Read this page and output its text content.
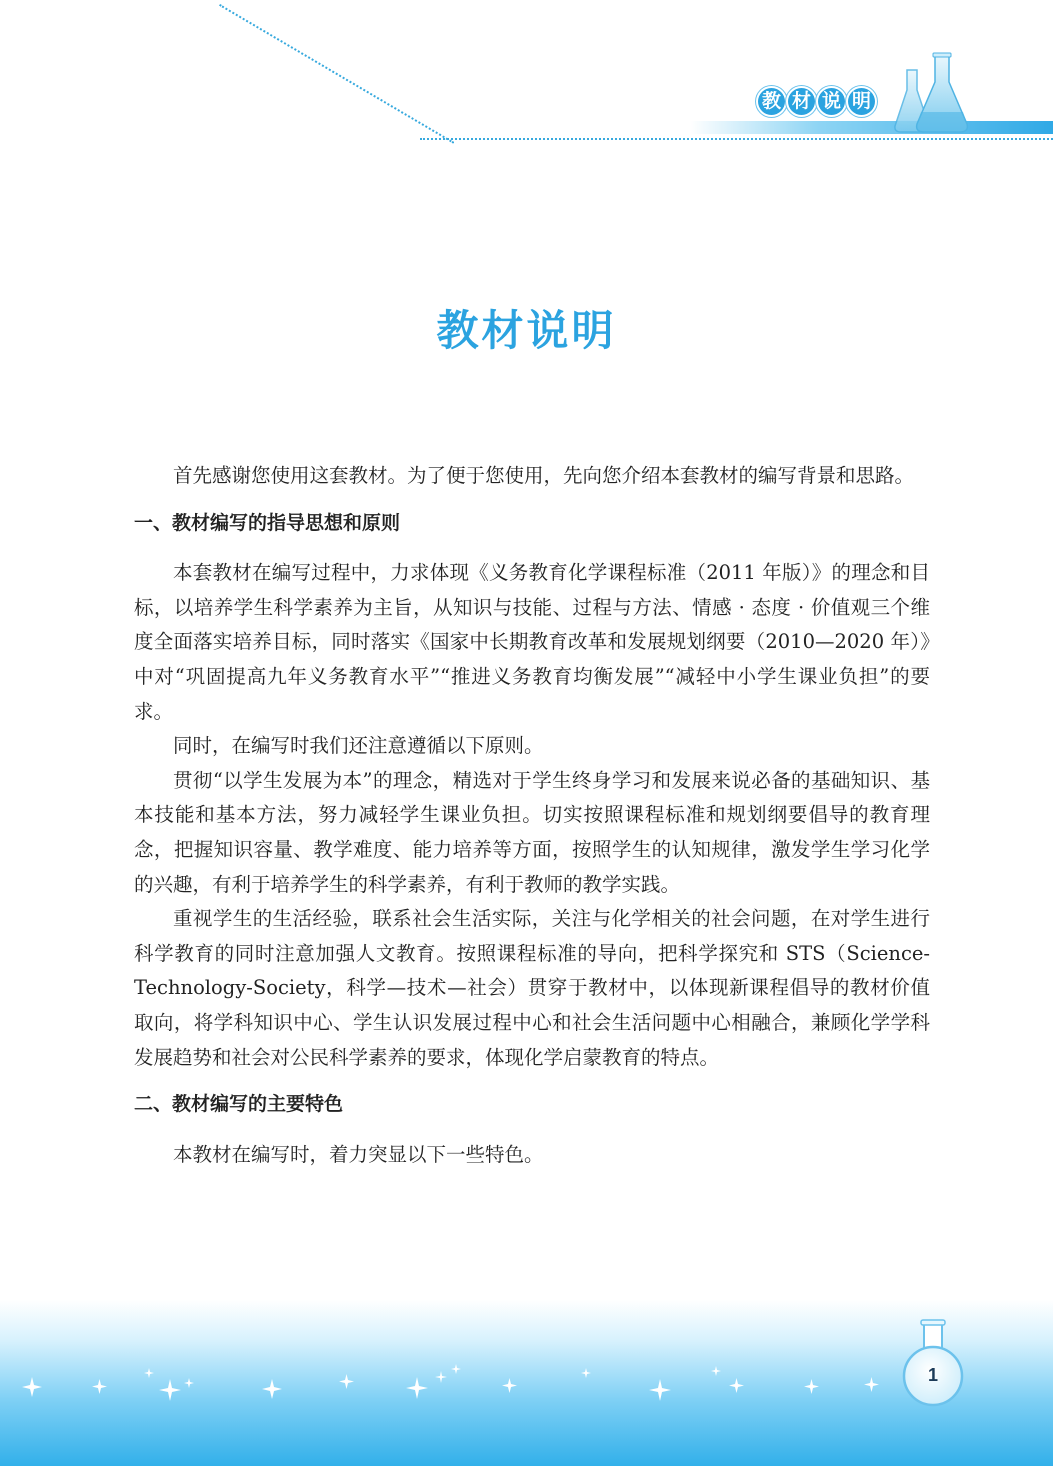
教 材 说 明
教材说明

首先感谢您使用这套教材。为了便于您使用，先向您介绍本套教材的编写背景和思路。

一、教材编写的指导思想和原则

本套教材在编写过程中，力求体现《义务教育化学课程标准（2011 年版）》的理念和目标，以培养学生科学素养为主旨，从知识与技能、过程与方法、情感 · 态度 · 价值观三个维度全面落实培养目标，同时落实《国家中长期教育改革和发展规划纲要（2010—2020 年）》中对“巩固提高九年义务教育水平”“推进义务教育均衡发展”“减轻中小学生课业负担”的要求。

同时，在编写时我们还注意遵循以下原则。

贯彻“以学生发展为本”的理念，精选对于学生终身学习和发展来说必备的基础知识、基本技能和基本方法，努力减轻学生课业负担。切实按照课程标准和规划纲要倡导的教育理念，把握知识容量、教学难度、能力培养等方面，按照学生的认知规律，激发学生学习化学的兴趣，有利于培养学生的科学素养，有利于教师的教学实践。

重视学生的生活经验，联系社会生活实际，关注与化学相关的社会问题，在对学生进行科学教育的同时注意加强人文教育。按照课程标准的导向，把科学探究和 STS（Science-Technology-Society，科学—技术—社会）贯穿于教材中，以体现新课程倡导的教材价值取向，将学科知识中心、学生认识发展过程中心和社会生活问题中心相融合，兼顾化学学科发展趋势和社会对公民科学素养的要求，体现化学启蒙教育的特点。

二、教材编写的主要特色

本教材在编写时，着力突显以下一些特色。

1
